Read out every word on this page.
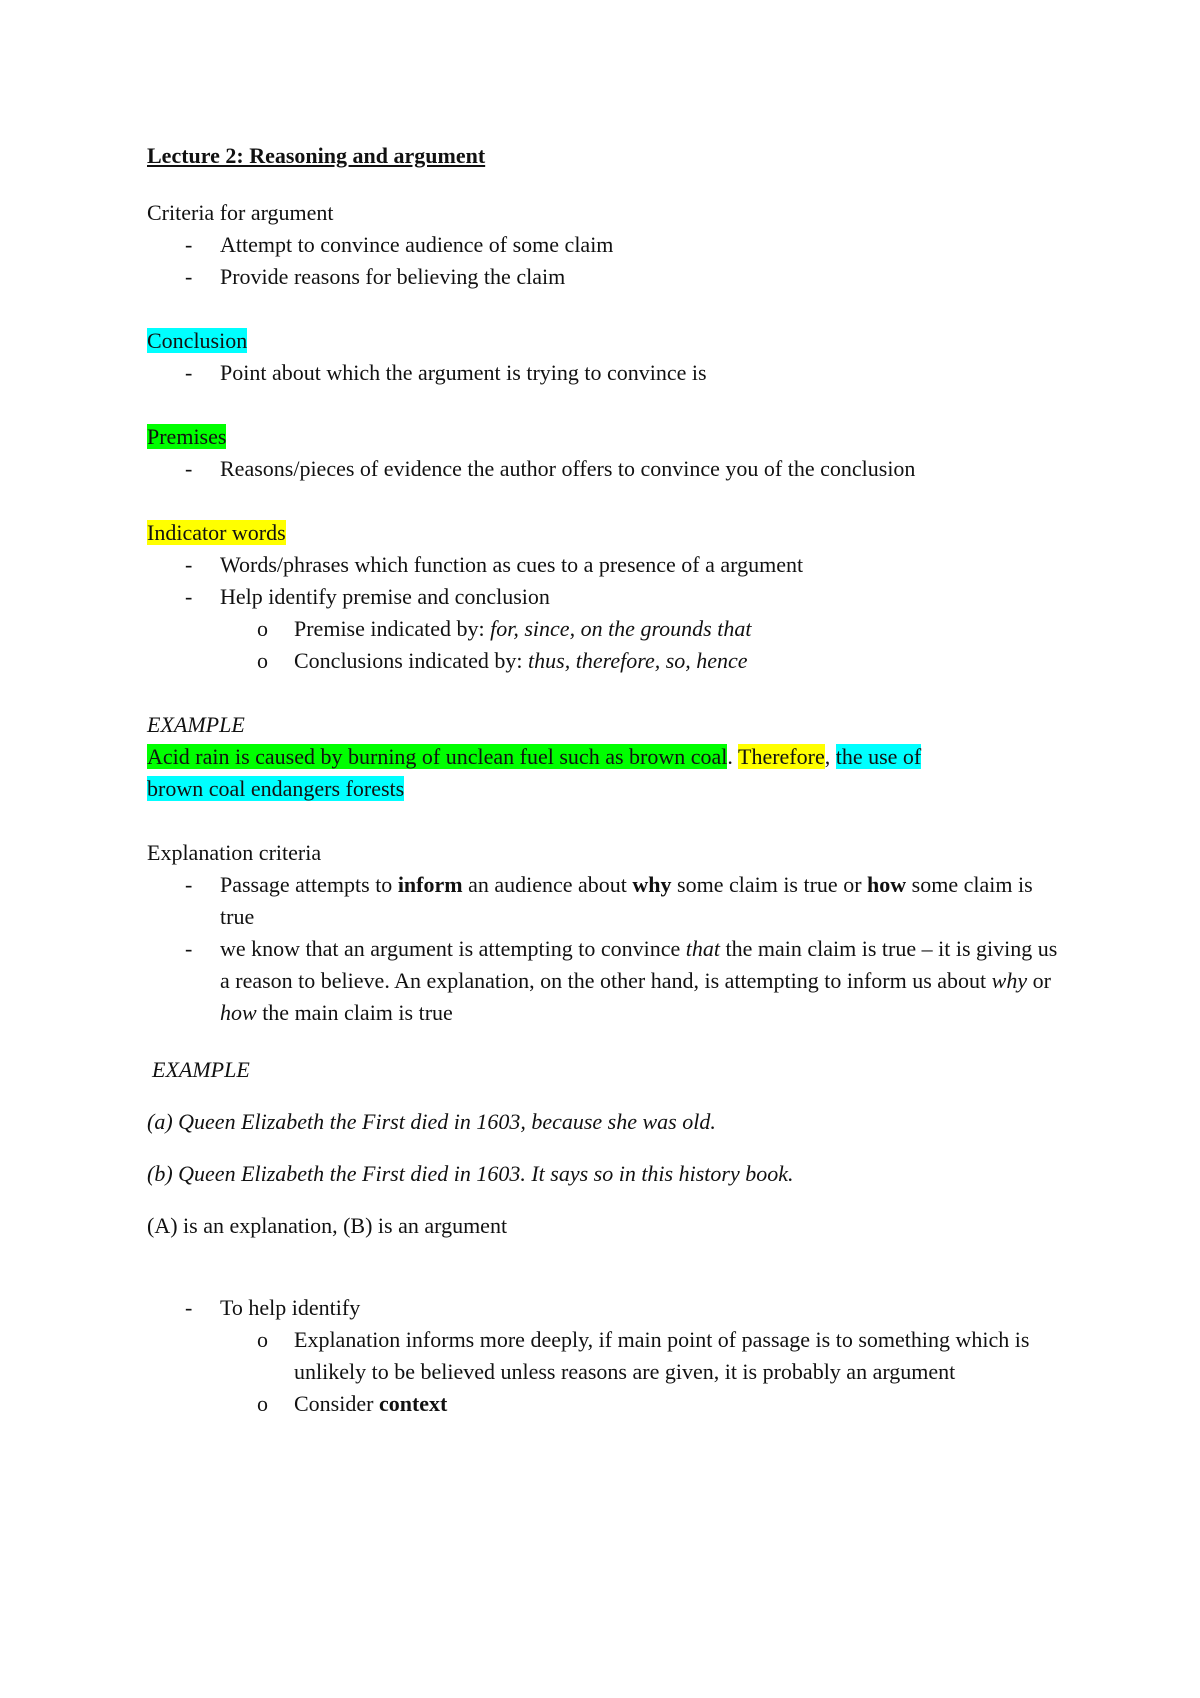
Lecture 2: Reasoning and argument
Criteria for argument
- Attempt to convince audience of some claim
- Provide reasons for believing the claim
Conclusion
- Point about which the argument is trying to convince is
Premises
- Reasons/pieces of evidence the author offers to convince you of the conclusion
Indicator words
- Words/phrases which function as cues to a presence of a argument
- Help identify premise and conclusion
o Premise indicated by: for, since, on the grounds that
o Conclusions indicated by: thus, therefore, so, hence
EXAMPLE
Acid rain is caused by burning of unclean fuel such as brown coal. Therefore, the use of
brown coal endangers forests
Explanation criteria
- Passage attempts to inform an audience about why some claim is true or how some claim is true
- we know that an argument is attempting to convince that the main claim is true – it is giving us a reason to believe. An explanation, on the other hand, is attempting to inform us about why or how the main claim is true
EXAMPLE
(a) Queen Elizabeth the First died in 1603, because she was old.
(b) Queen Elizabeth the First died in 1603. It says so in this history book.
(A) is an explanation, (B) is an argument
- To help identify
o Explanation informs more deeply, if main point of passage is to something which is unlikely to be believed unless reasons are given, it is probably an argument
o Consider context
